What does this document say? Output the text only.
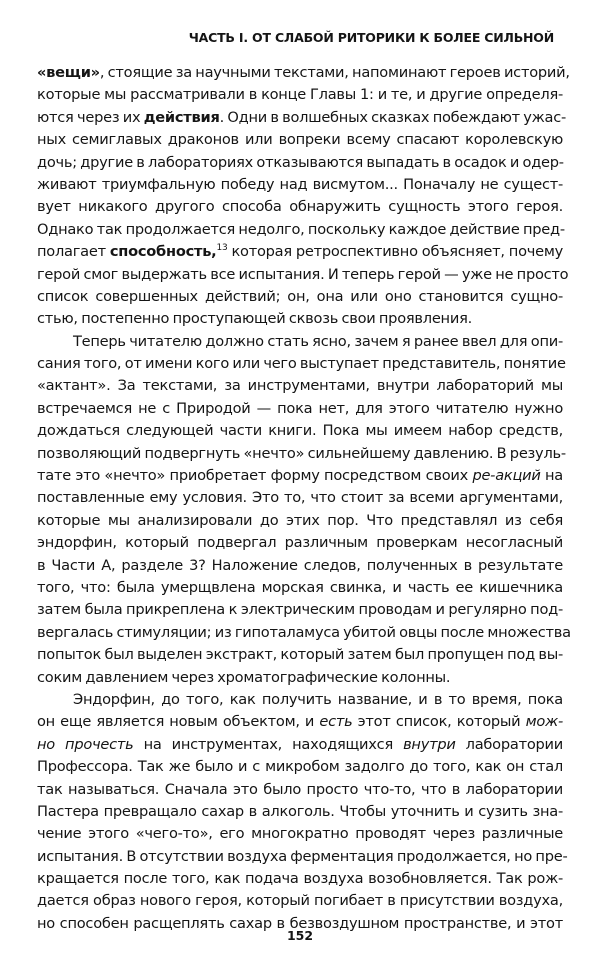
ЧАСТЬ I. ОТ СЛАБОЙ РИТОРИКИ К БОЛЕЕ СИЛЬНОЙ
«вещи», стоящие за научными текстами, напоминают героев историй,
которые мы рассматривали в конце Главы 1: и те, и другие определя-
ются через их действия. Одни в волшебных сказках побеждают ужас-
ных семиглавых драконов или вопреки всему спасают королевскую
дочь; другие в лабораториях отказываются выпадать в осадок и одер-
живают триумфальную победу над висмутом... Поначалу не сущест-
вует никакого другого способа обнаружить сущность этого героя.
Однако так продолжается недолго, поскольку каждое действие пред-
полагает способность,$^{13}$ которая ретроспективно объясняет, почему
герой смог выдержать все испытания. И теперь герой — уже не просто
список совершенных действий; он, она или оно становится сущно-
стью, постепенно проступающей сквозь свои проявления.
Теперь читателю должно стать ясно, зачем я ранее ввел для опи-
сания того, от имени кого или чего выступает представитель, понятие
«актант». За текстами, за инструментами, внутри лабораторий мы
встречаемся не с Природой — пока нет, для этого читателю нужно
дождаться следующей части книги. Пока мы имеем набор средств,
позволяющий подвергнуть «нечто» сильнейшему давлению. В резуль-
тате это «нечто» приобретает форму посредством своих ре-акций на
поставленные ему условия. Это то, что стоит за всеми аргументами,
которые мы анализировали до этих пор. Что представлял из себя
эндорфин, который подвергал различным проверкам несогласный
в Части А, разделе 3? Наложение следов, полученных в результате
того, что: была умерщвлена морская свинка, и часть ее кишечника
затем была прикреплена к электрическим проводам и регулярно под-
вергалась стимуляции; из гипоталамуса убитой овцы после множества
попыток был выделен экстракт, который затем был пропущен под вы-
соким давлением через хроматографические колонны.
Эндорфин, до того, как получить название, и в то время, пока
он еще является новым объектом, и есть этот список, который мож-
но прочесть на инструментах, находящихся внутри лаборатории
Профессора. Так же было и с микробом задолго до того, как он стал
так называться. Сначала это было просто что-то, что в лаборатории
Пастера превращало сахар в алкоголь. Чтобы уточнить и сузить зна-
чение этого «чего-то», его многократно проводят через различные
испытания. В отсутствии воздуха ферментация продолжается, но пре-
кращается после того, как подача воздуха возобновляется. Так рож-
дается образ нового героя, который погибает в присутствии воздуха,
но способен расщеплять сахар в безвоздушном пространстве, и этот
152
